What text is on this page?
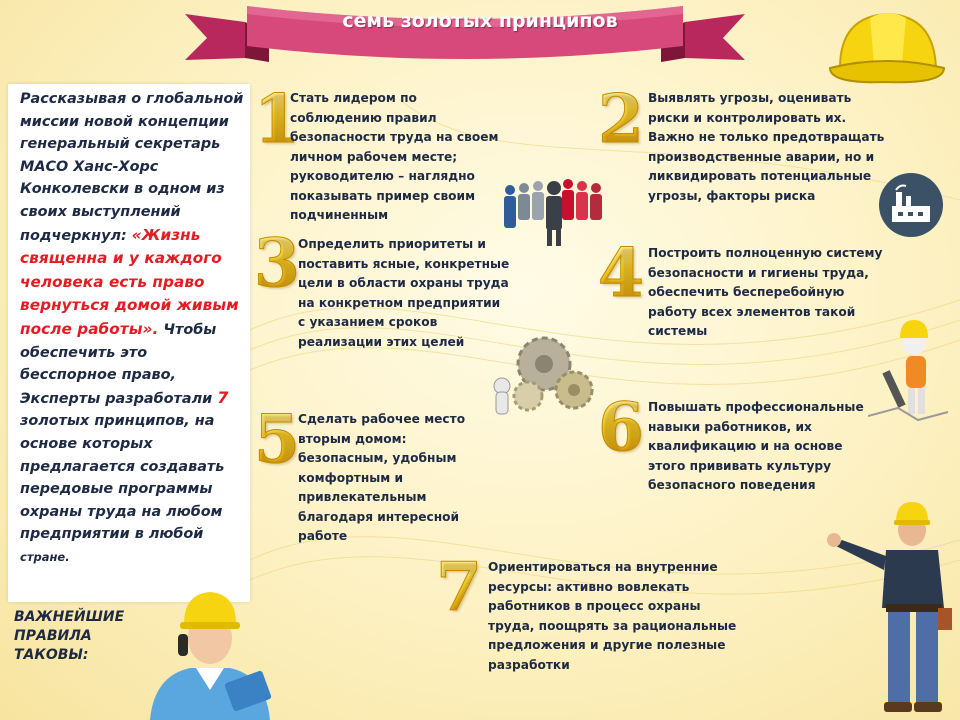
семь золотых принципов
Рассказывая о глобальной миссии новой концепции генеральный секретарь МАСО Ханс-Хорс Конколевски в одном из своих выступлений подчеркнул: «Жизнь священна и у каждого человека есть право вернуться домой живым после работы». Чтобы обеспечить это бесспорное право, Эксперты разработали 7 золотых принципов, на основе которых предлагается создавать передовые программы охраны труда на любом предприятии в любой стране.
ВАЖНЕЙШИЕ ПРАВИЛА ТАКОВЫ:
1
Стать лидером по соблюдению правил безопасности труда на своем личном рабочем месте; руководителю – наглядно показывать пример своим подчиненным
2 Выявлять угрозы, оценивать риски и контролировать их. Важно не только предотвращать производственные аварии, но и ликвидировать потенциальные угрозы, факторы риска
3
Определить приоритеты и поставить ясные, конкретные цели в области охраны труда на конкретном предприятии с указанием сроков реализации этих целей
4 Построить полноценную систему безопасности и гигиены труда, обеспечить бесперебойную работу всех элементов такой системы
5
Сделать рабочее место вторым домом: безопасным, удобным комфортным и привлекательным благодаря интересной работе
6 Повышать профессиональные навыки работников, их квалификацию и на основе этого прививать культуру безопасного поведения
7 Ориентироваться на внутренние ресурсы: активно вовлекать работников в процесс охраны труда, поощрять за рациональные предложения и другие полезные разработки
